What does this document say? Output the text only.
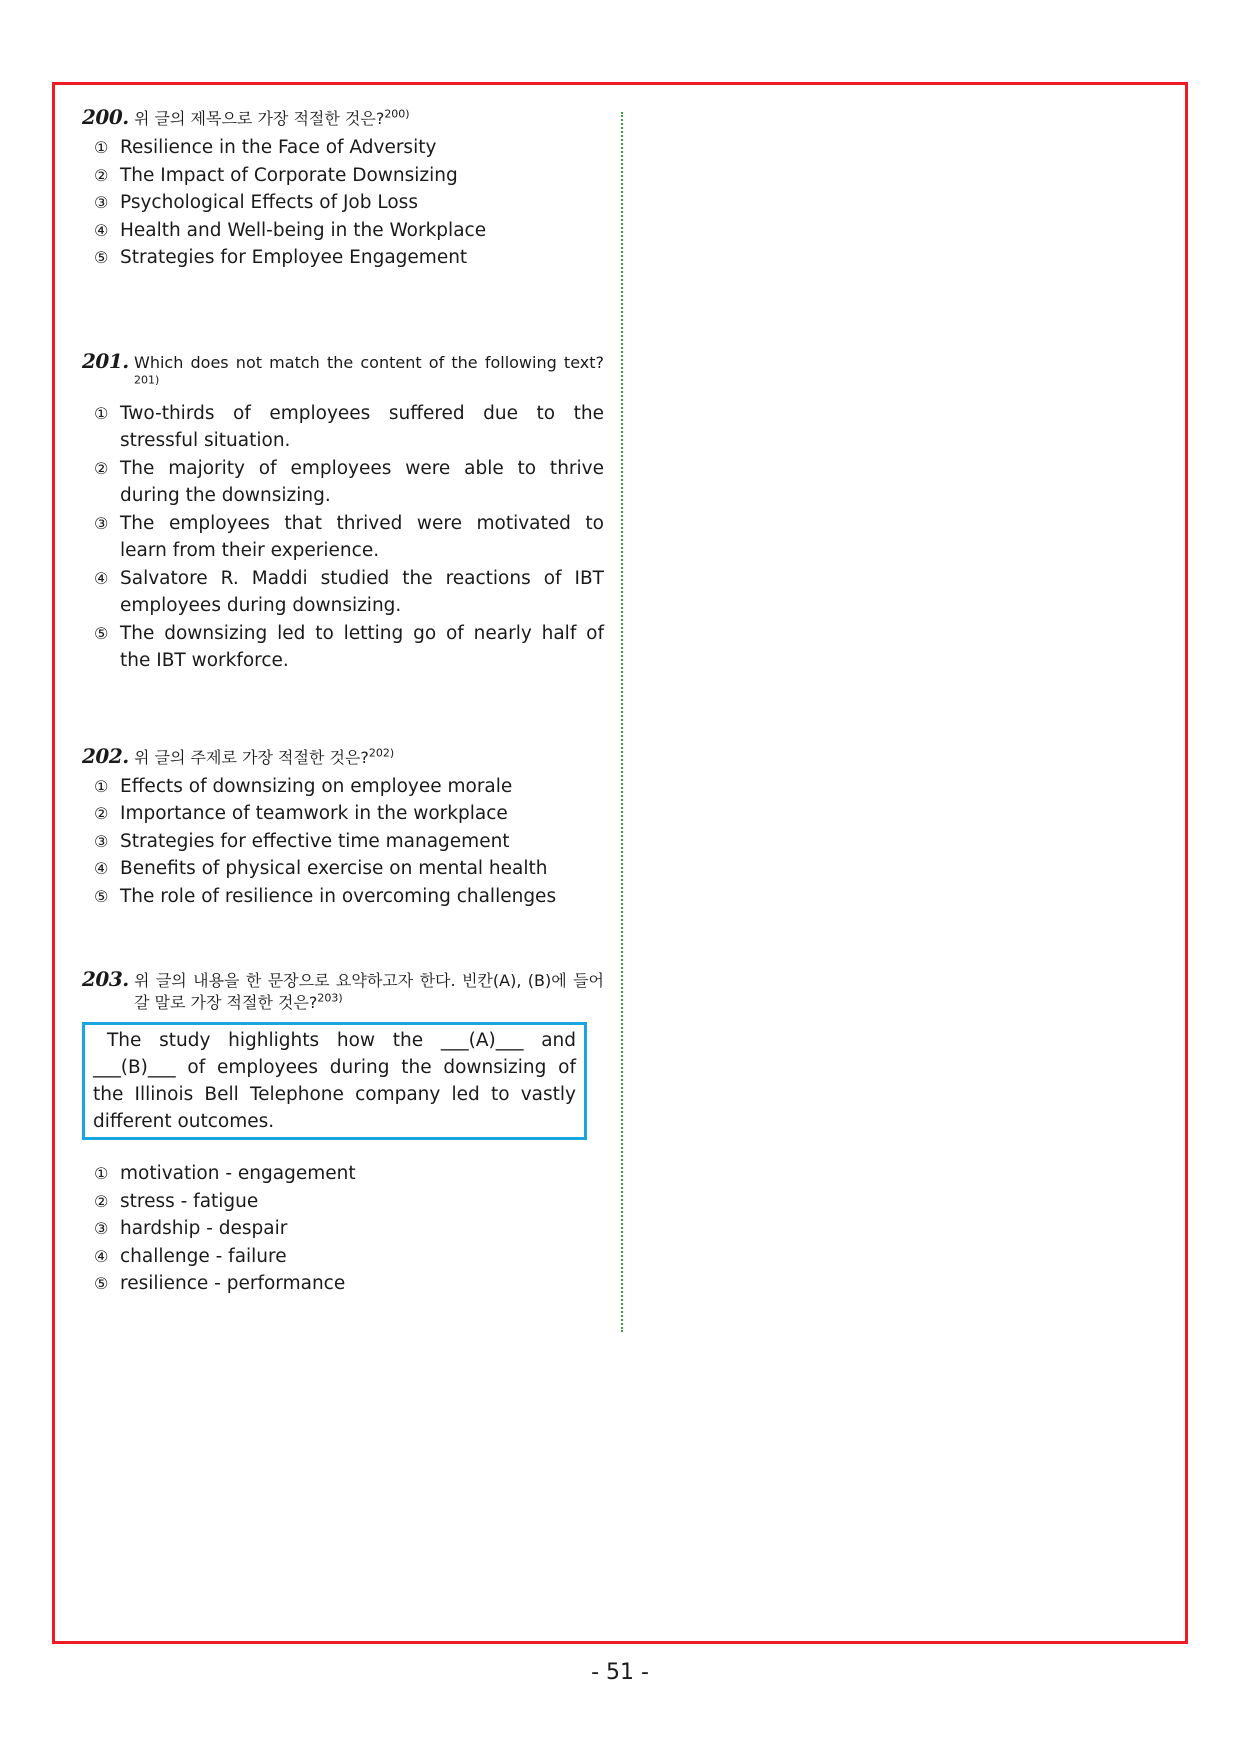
200. 위 글의 제목으로 가장 적절한 것은?$^{200)}$
① Resilience in the Face of Adversity
② The Impact of Corporate Downsizing
③ Psychological Effects of Job Loss
④ Health and Well-being in the Workplace
⑤ Strategies for Employee Engagement
201. Which does not match the content of the following text?$^{201)}$
① Two-thirds of employees suffered due to the stressful situation.
② The majority of employees were able to thrive during the downsizing.
③ The employees that thrived were motivated to learn from their experience.
④ Salvatore R. Maddi studied the reactions of IBT employees during downsizing.
⑤ The downsizing led to letting go of nearly half of the IBT workforce.
202. 위 글의 주제로 가장 적절한 것은?$^{202)}$
① Effects of downsizing on employee morale
② Importance of teamwork in the workplace
③ Strategies for effective time management
④ Benefits of physical exercise on mental health
⑤ The role of resilience in overcoming challenges
203. 위 글의 내용을 한 문장으로 요약하고자 한다. 빈칸(A), (B)에 들어갈 말로 가장 적절한 것은?$^{203)}$
The study highlights how the ___(A)___ and ___(B)___ of employees during the downsizing of the Illinois Bell Telephone company led to vastly different outcomes.
① motivation - engagement
② stress - fatigue
③ hardship - despair
④ challenge - failure
⑤ resilience - performance
- 51 -
